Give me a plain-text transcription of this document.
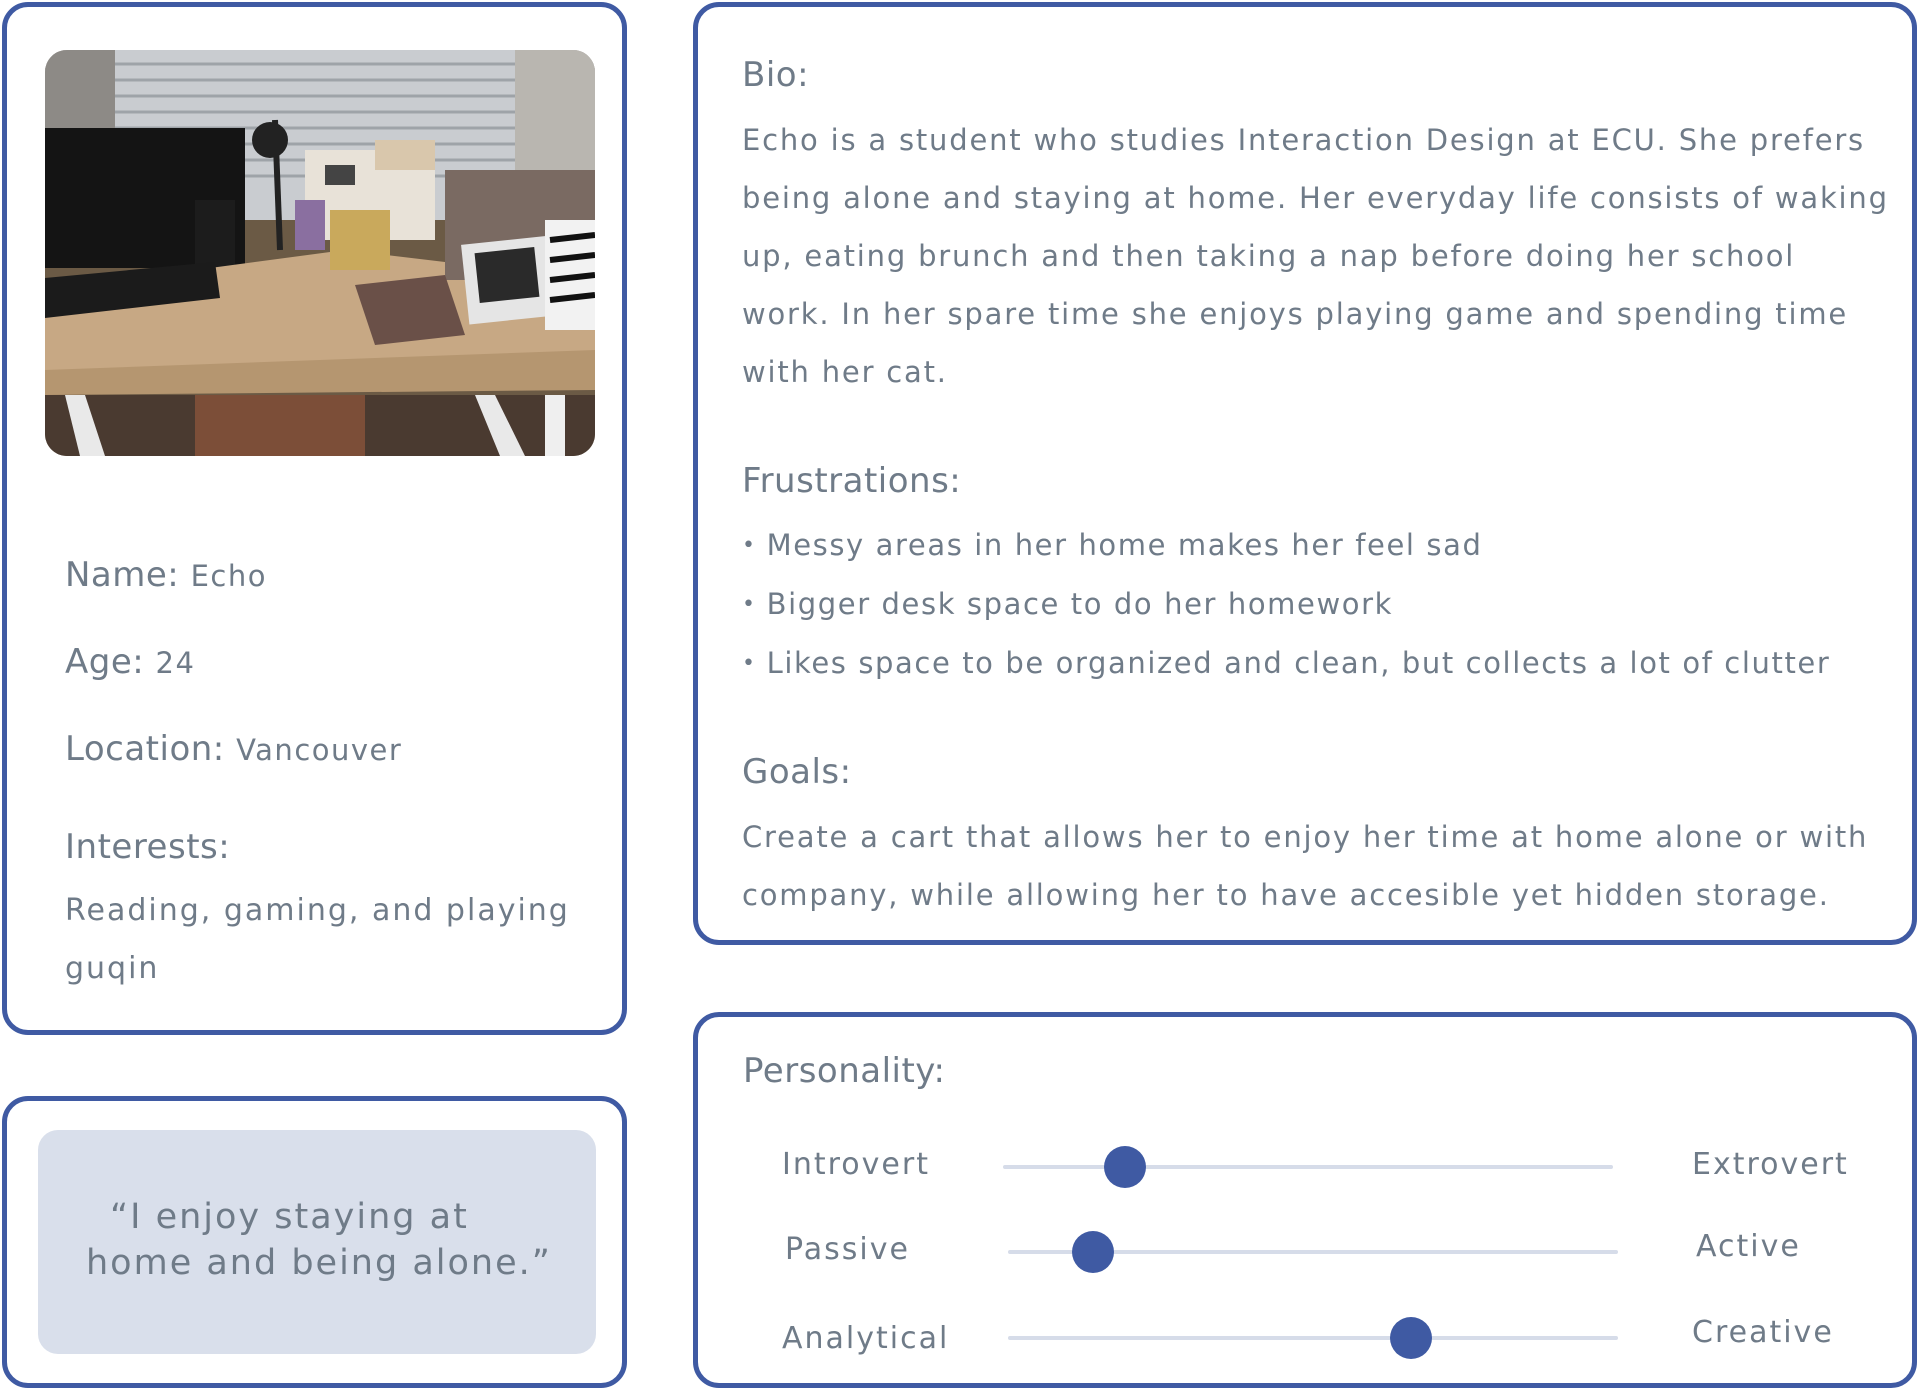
Name: Echo
Age: 24
Location: Vancouver
Interests:
Reading, gaming, and playing guqin
“I enjoy staying at home and being alone.”
Bio:
Echo is a student who studies Interaction Design at ECU. She prefers being alone and staying at home. Her everyday life consists of waking up, eating brunch and then taking a nap before doing her school work. In her spare time she enjoys playing game and spending time with her cat.
Frustrations:
• Messy areas in her home makes her feel sad
• Bigger desk space to do her homework
• Likes space to be organized and clean, but collects a lot of clutter
Goals:
Create a cart that allows her to enjoy her time at home alone or with company, while allowing her to have accesible yet hidden storage.
Personality:
Introvert	Extrovert
Passive	Active
Analytical	Creative
